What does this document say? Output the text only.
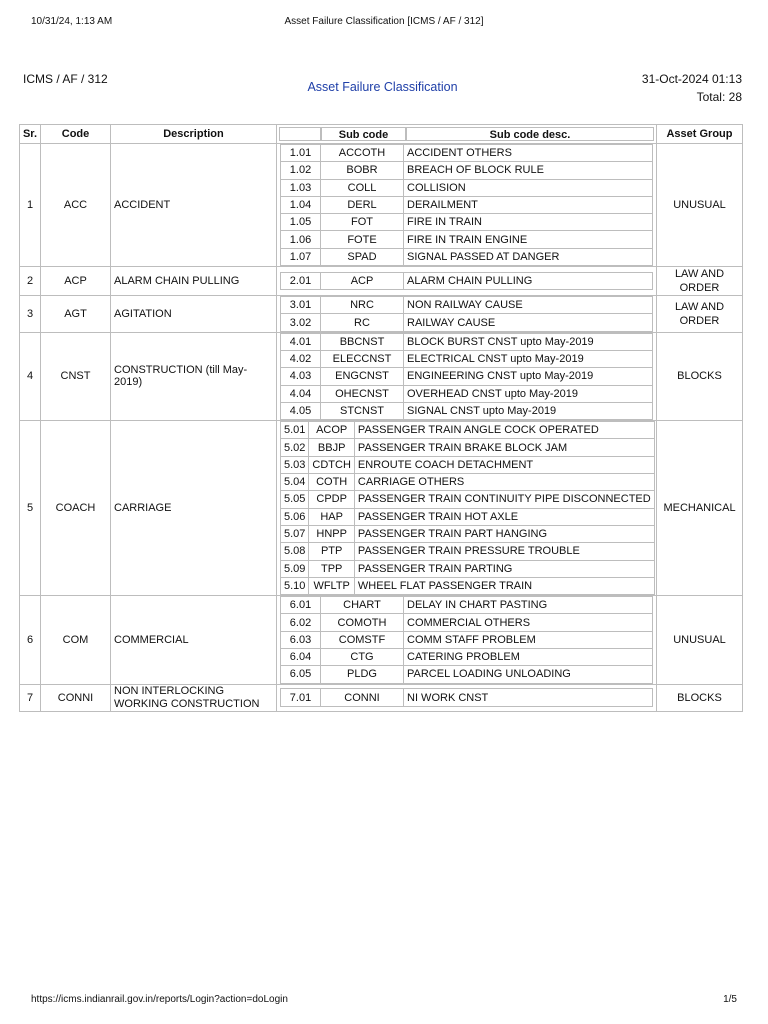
10/31/24, 1:13 AM	Asset Failure Classification [ICMS / AF / 312]
ICMS / AF / 312
Asset Failure Classification
31-Oct-2024 01:13
Total: 28
Sr.	Code	Description	Sub code	Sub code desc.	Asset Group
1	ACC	ACCIDENT	
1.01	ACCOTH	ACCIDENT OTHERS
1.02	BOBR	BREACH OF BLOCK RULE
1.03	COLL	COLLISION
1.04	DERL	DERAILMENT
1.05	FOT	FIRE IN TRAIN
1.06	FOTE	FIRE IN TRAIN ENGINE
1.07	SPAD	SIGNAL PASSED AT DANGER
	UNUSUAL
2	ACP	ALARM CHAIN PULLING		2.01	ACP	ALARM CHAIN PULLING
	LAW AND ORDER
3	AGT	AGITATION	
3.01	NRC	NON RAILWAY CAUSE
3.02	RC	RAILWAY CAUSE
	LAW AND ORDER
4	CNST	CONSTRUCTION (till May-2019)	
4.01	BBCNST	BLOCK BURST CNST upto May-2019
4.02	ELECCNST	ELECTRICAL CNST upto May-2019
4.03	ENGCNST	ENGINEERING CNST upto May-2019
4.04	OHECNST	OVERHEAD CNST upto May-2019
4.05	STCNST	SIGNAL CNST upto May-2019
	BLOCKS
5	COACH	CARRIAGE	
5.01	ACOP	PASSENGER TRAIN ANGLE COCK OPERATED
5.02	BBJP	PASSENGER TRAIN BRAKE BLOCK JAM
5.03	CDTCH	ENROUTE COACH DETACHMENT
5.04	COTH	CARRIAGE OTHERS
5.05	CPDP	PASSENGER TRAIN CONTINUITY PIPE DISCONNECTED
5.06	HAP	PASSENGER TRAIN HOT AXLE
5.07	HNPP	PASSENGER TRAIN PART HANGING
5.08	PTP	PASSENGER TRAIN PRESSURE TROUBLE
5.09	TPP	PASSENGER TRAIN PARTING
5.10	WFLTP	WHEEL FLAT PASSENGER TRAIN
	MECHANICAL
6	COM	COMMERCIAL	
6.01	CHART	DELAY IN CHART PASTING
6.02	COMOTH	COMMERCIAL OTHERS
6.03	COMSTF	COMM STAFF PROBLEM
6.04	CTG	CATERING PROBLEM
6.05	PLDG	PARCEL LOADING UNLOADING
	UNUSUAL
7	CONNI	NON INTERLOCKING WORKING CONSTRUCTION	
7.01	CONNI	NI WORK CNST
		BLOCKS
https://icms.indianrail.gov.in/reports/Login?action=doLogin	1/5
